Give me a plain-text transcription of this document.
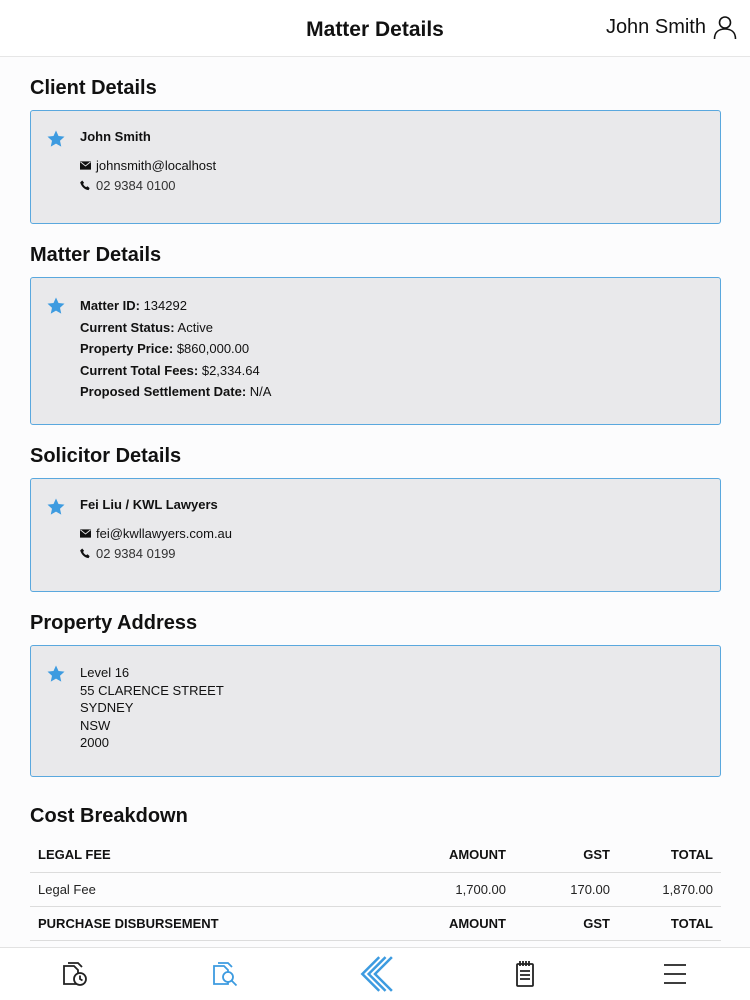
Matter Details	John Smith
Client Details
John Smith
johnsmith@localhost
02 9384 0100
Matter Details
Matter ID: 134292
Current Status: Active
Property Price: $860,000.00
Current Total Fees: $2,334.64
Proposed Settlement Date: N/A
Solicitor Details
Fei Liu / KWL Lawyers
fei@kwllawyers.com.au
02 9384 0199
Property Address
Level 16
55 CLARENCE STREET
SYDNEY
NSW
2000
Cost Breakdown
LEGAL FEE	AMOUNT	GST	TOTAL
Legal Fee	1,700.00	170.00	1,870.00
PURCHASE DISBURSEMENT	AMOUNT	GST	TOTAL
